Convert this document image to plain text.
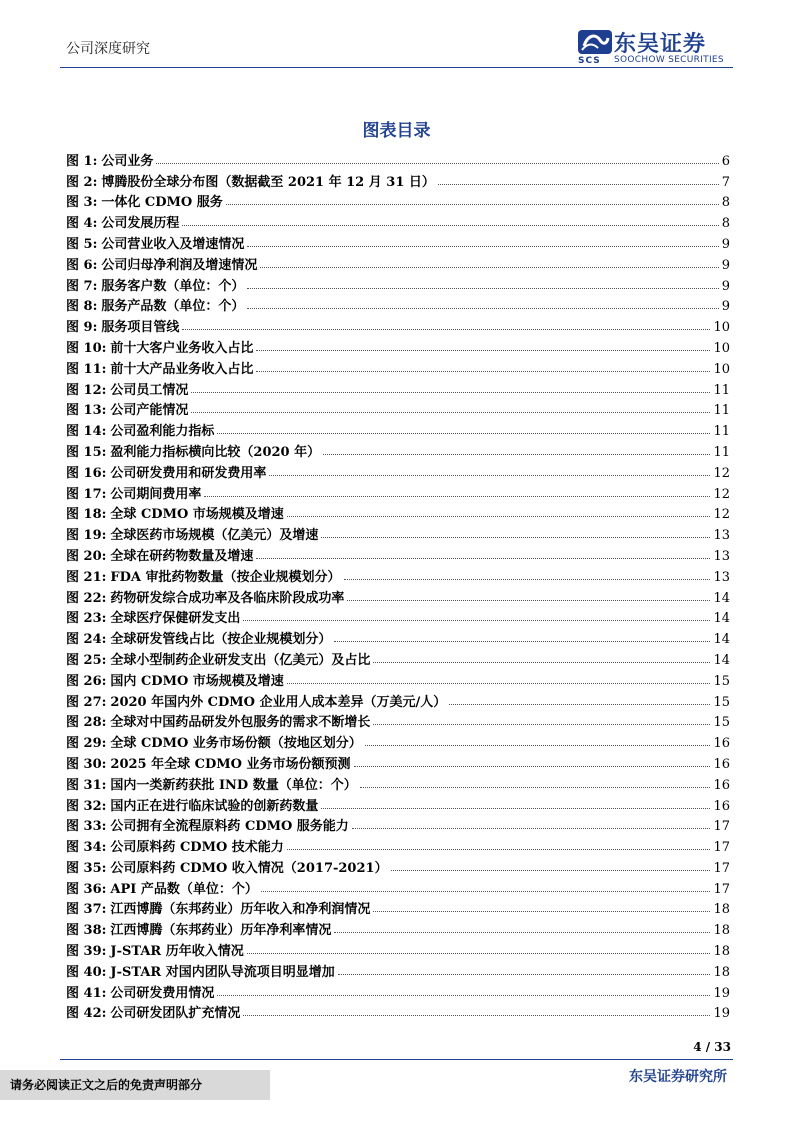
公司深度研究
SCS
东吴证券
SOOCHOW SECURITIES
图表目录
图 1: 公司业务	6
图 2: 博腾股份全球分布图（数据截至 2021 年 12 月 31 日）	7
图 3: 一体化 CDMO 服务	8
图 4: 公司发展历程	8
图 5: 公司营业收入及增速情况	9
图 6: 公司归母净利润及增速情况	9
图 7: 服务客户数（单位：个）	9
图 8: 服务产品数（单位：个）	9
图 9: 服务项目管线	10
图 10: 前十大客户业务收入占比	10
图 11: 前十大产品业务收入占比	10
图 12: 公司员工情况	11
图 13: 公司产能情况	11
图 14: 公司盈利能力指标	11
图 15: 盈利能力指标横向比较（2020 年）	11
图 16: 公司研发费用和研发费用率	12
图 17: 公司期间费用率	12
图 18: 全球 CDMO 市场规模及增速	12
图 19: 全球医药市场规模（亿美元）及增速	13
图 20: 全球在研药物数量及增速	13
图 21: FDA 审批药物数量（按企业规模划分）	13
图 22: 药物研发综合成功率及各临床阶段成功率	14
图 23: 全球医疗保健研发支出	14
图 24: 全球研发管线占比（按企业规模划分）	14
图 25: 全球小型制药企业研发支出（亿美元）及占比	14
图 26: 国内 CDMO 市场规模及增速	15
图 27: 2020 年国内外 CDMO 企业用人成本差异（万美元/人）	15
图 28: 全球对中国药品研发外包服务的需求不断增长	15
图 29: 全球 CDMO 业务市场份额（按地区划分）	16
图 30: 2025 年全球 CDMO 业务市场份额预测	16
图 31: 国内一类新药获批 IND 数量（单位：个）	16
图 32: 国内正在进行临床试验的创新药数量	16
图 33: 公司拥有全流程原料药 CDMO 服务能力	17
图 34: 公司原料药 CDMO 技术能力	17
图 35: 公司原料药 CDMO 收入情况（2017-2021）	17
图 36: API 产品数（单位：个）	17
图 37: 江西博腾（东邦药业）历年收入和净利润情况	18
图 38: 江西博腾（东邦药业）历年净利率情况	18
图 39: J-STAR 历年收入情况	18
图 40: J-STAR 对国内团队导流项目明显增加	18
图 41: 公司研发费用情况	19
图 42: 公司研发团队扩充情况	19
4 / 33
请务必阅读正文之后的免责声明部分	东吴证券研究所
